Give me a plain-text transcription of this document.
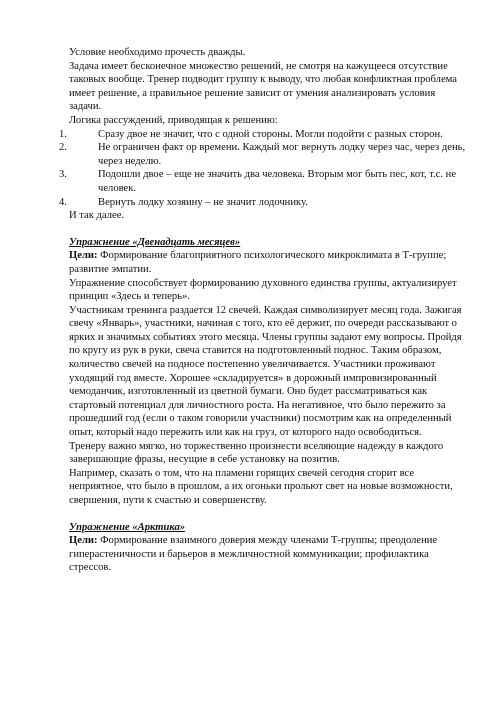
Условие необходимо прочесть дважды.

Задача имеет бесконечное множество решений, не смотря на кажущееся отсутствие таковых вообще. Тренер подводит группу к выводу, что любая конфликтная проблема имеет решение, а правильное решение зависит от умения анализировать условия задачи.

Логика рассуждений, приводящая к решению:

1.	Сразу двое не значит, что с одной стороны. Могли подойти с разных сторон.
2.	Не ограничен факт ор времени. Каждый мог вернуть лодку через час, через день, через неделю.
3.	Подошли двое – еще не значить два человека. Вторым мог быть пес, кот, т.с. не человек.
4.	Вернуть лодку хозяину – не значит лодочнику.

И так далее.

Упражнение «Двенадцать месяцев»

Цели: Формирование благоприятного психологического микроклимата в Т-группе; развитие эмпатии.

Упражнение способствует формированию духовного единства группы, актуализирует принцип «Здесь и теперь».

Участникам тренинга раздается 12 свечей. Каждая символизирует месяц года. Зажигая свечу «Январь», участники, начиная с того, кто её держит, по очереди рассказывают о ярких и значимых событиях этого месяца. Члены группы задают ему вопросы. Пройдя по кругу из рук в руки, свеча ставится на подготовленный поднос. Таким образом, количество свечей на подносе постепенно увеличивается. Участники проживают уходящий год вместе. Хорошее «складируется» в дорожный импровизированный чемоданчик, изготовленный из цветной бумаги. Оно будет рассматриваться как стартовый потенциал для личностного роста. На негативное, что было пережито за прошедший год (если о таком говорили участники) посмотрим как на определенный опыт, который надо пережить или как на груз, от которого надо освободиться.

Тренеру важно мягко, но торжественно произнести вселяющие надежду в каждого завершающие фразы, несущие в себе установку на позитив.

Например, сказать о том, что на пламени горящих свечей сегодня сгорит все неприятное, что было в прошлом, а их огоньки прольют свет на новые возможности, свершения, пути к счастью и совершенству.

Упражнение «Арктика»

Цели: Формирование взаимного доверия между членами Т-группы; преодоление гиперастеничности и барьеров в межличностной коммуникации; профилактика стрессов.
